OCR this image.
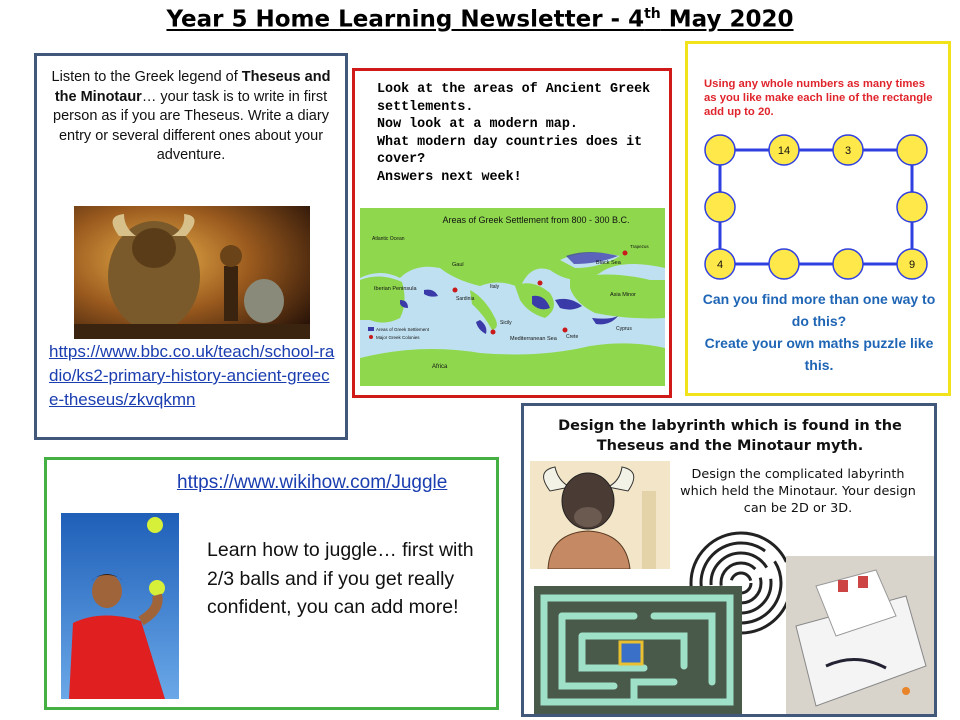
Year 5 Home Learning Newsletter - 4th May 2020
Listen to the Greek legend of Theseus and the Minotaur… your task is to write in first person as if you are Theseus. Write a diary entry or several different ones about your adventure.
https://www.bbc.co.uk/teach/school-radio/ks2-primary-history-ancient-greece-theseus/zkvqkmn
Look at the areas of Ancient Greek settlements.
Now look at a modern map.
What modern day countries does it cover?
Answers next week!
Areas of Greek Settlement from 800 - 300 B.C.
Atlantic Ocean
Iberian Peninsula
Gaul	Black Sea
Asia Minor
Mediterranean Sea
Africa
Cyprus
Crete
Sicily
Sardinia
Italy
Trapezus
Areas of Greek Settlement
Major Greek Colonies
Using any whole numbers as many times as you like make each line of the rectangle add up to 20.
14	3
4	9
Can you find more than one way to do this?
Create your own maths puzzle like this.
Design the labyrinth which is found in the Theseus and the Minotaur myth.
Design the complicated labyrinth which held the Minotaur. Your design can be 2D or 3D.
https://www.wikihow.com/Juggle
Learn how to juggle… first with 2/3 balls and if you get really confident, you can add more!
